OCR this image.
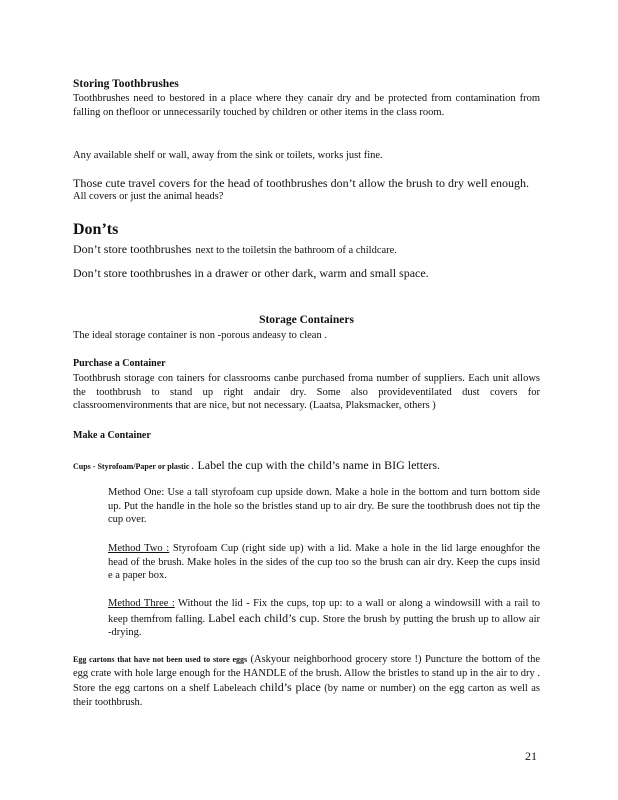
Storing Toothbrushes
Toothbrushes need to bestored in a place where they canair dry and be protected from contamination from falling on thefloor or unnecessarily touched by children or other items in the class room.
Any available shelf or wall, away from the sink or toilets, works just fine.
Those cute travel covers for the head of toothbrushes don’t allow the brush to dry well enough.
All covers or just the animal heads?
Don’ts
Don’t store toothbrushes next to the toiletsin the bathroom of a childcare.
Don’t store toothbrushes in a drawer or other dark, warm and small space.
Storage Containers
The ideal storage container is non -porous andeasy to clean .
Purchase a Container
Toothbrush storage con tainers for classrooms canbe purchased froma number of suppliers. Each unit allows the toothbrush to stand up right andair dry. Some also provideventilated dust covers for classroomenvironments that are nice, but not necessary. (Laatsa, Plaksmacker, others )
Make a Container
Cups - Styrofoam/Paper or plastic . Label the cup with the child’s name in BIG letters.
Method One: Use a tall styrofoam cup upside down. Make a hole in the bottom and turn bottom side up. Put the handle in the hole so the bristles stand up to air dry. Be sure the toothbrush does not tip the cup over.
Method Two : Styrofoam Cup (right side up) with a lid. Make a hole in the lid large enoughfor the head of the brush. Make holes in the sides of the cup too so the brush can air dry. Keep the cups insid e a paper box.
Method Three : Without the lid - Fix the cups, top up: to a wall or along a windowsill with a rail to keep themfrom falling. Label each child’s cup. Store the brush by putting the brush up to allow air -drying.
Egg cartons that have not been used to store eggs (Askyour neighborhood grocery store !) Puncture the bottom of the egg crate with hole large enough for the HANDLE of the brush. Allow the bristles to stand up in the air to dry . Store the egg cartons on a shelf Labeleach child’s place (by name or number) on the egg carton as well as their toothbrush.
21
